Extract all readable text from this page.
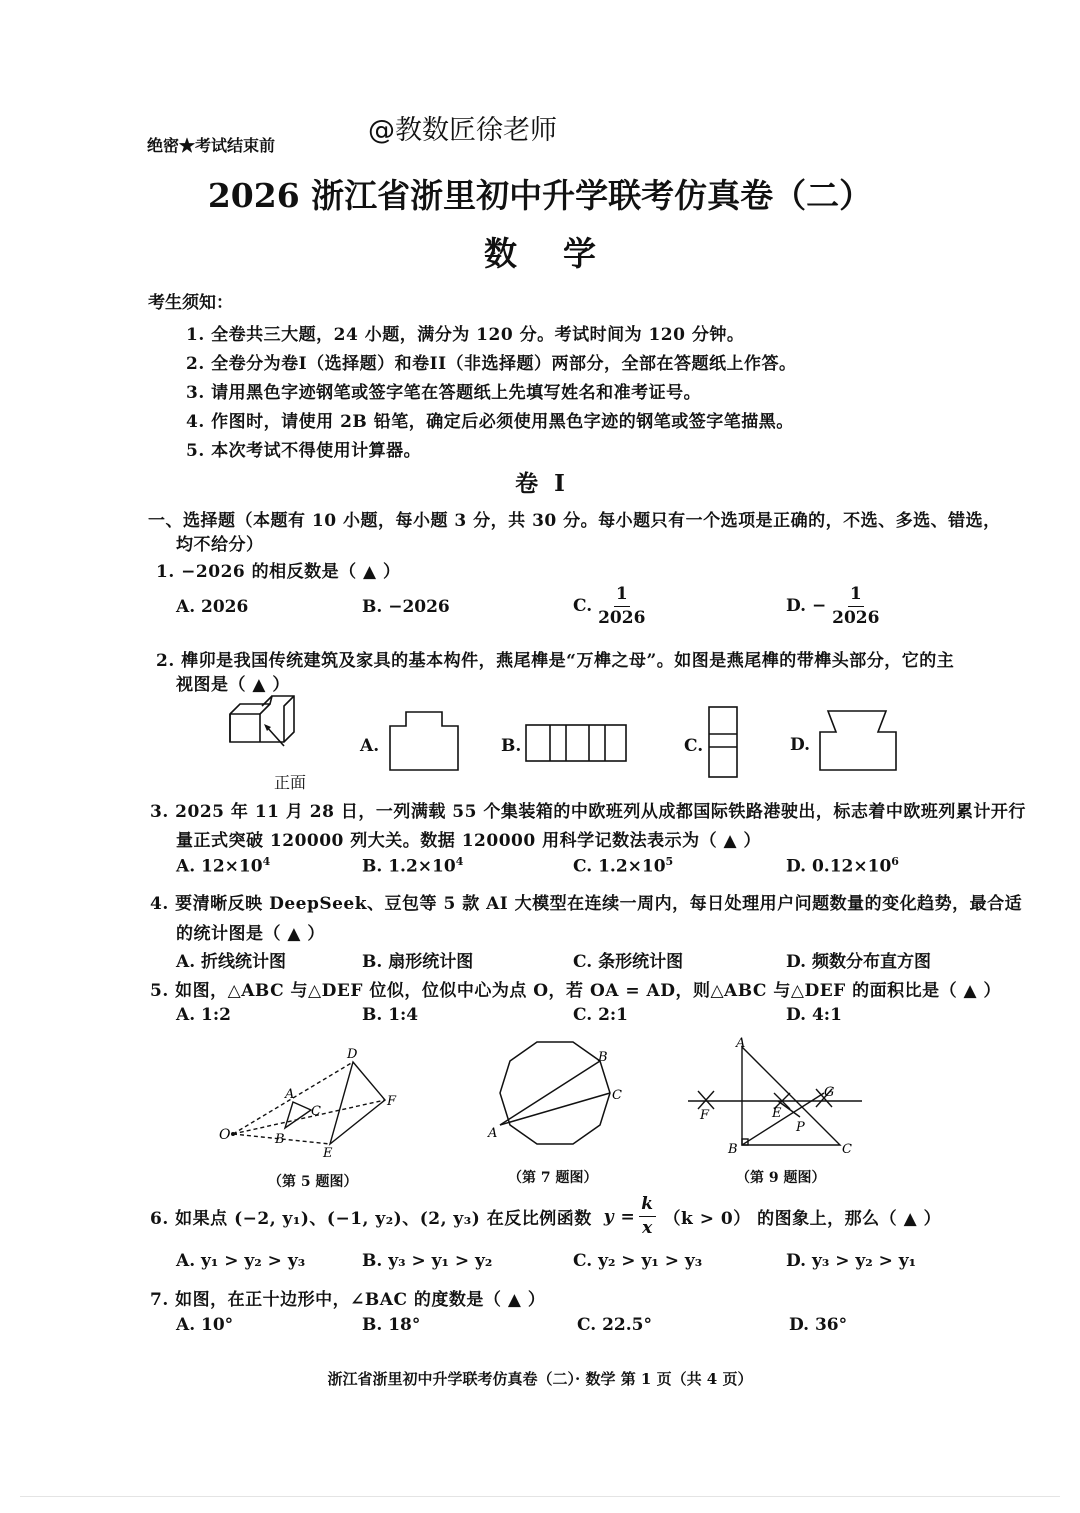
绝密★考试结束前	@教数匠徐老师
2026 浙江省浙里初中升学联考仿真卷（二）
数    学
考生须知：
1. 全卷共三大题，24 小题，满分为 120 分。考试时间为 120 分钟。
2. 全卷分为卷I（选择题）和卷II（非选择题）两部分，全部在答题纸上作答。
3. 请用黑色字迹钢笔或签字笔在答题纸上先填写姓名和准考证号。
4. 作图时，请使用 2B 铅笔，确定后必须使用黑色字迹的钢笔或签字笔描黑。
5. 本次考试不得使用计算器。
卷  I
一、选择题（本题有 10 小题，每小题 3 分，共 30 分。每小题只有一个选项是正确的，不选、多选、错选，
均不给分）
1. −2026 的相反数是（ ▲ ）
A. 2026	B. −2026	C. $\frac{1}{2026}$	D. − $\frac{1}{2026}$
2. 榫卯是我国传统建筑及家具的基本构件，燕尾榫是“万榫之母”。如图是燕尾榫的带榫头部分，它的主
视图是（ ▲ ）
正面
A.	B.	C.	D.
3. 2025 年 11 月 28 日，一列满载 55 个集装箱的中欧班列从成都国际铁路港驶出，标志着中欧班列累计开行
量正式突破 120000 列大关。数据 120000 用科学记数法表示为（ ▲ ）
A. $12\times 10^4$	B. $1.2\times 10^4$	C. $1.2\times 10^5$	D. $0.12\times 10^6$
4. 要清晰反映 DeepSeek、豆包等 5 款 AI 大模型在连续一周内，每日处理用户问题数量的变化趋势，最合适
的统计图是（ ▲ ）
A. 折线统计图	B. 扇形统计图	C. 条形统计图	D. 频数分布直方图
5. 如图，△ABC 与△DEF 位似，位似中心为点 O，若 OA = AD，则△ABC 与△DEF 的面积比是（ ▲ ）
A. 1:2	B. 1:4	C. 2:1	D. 4:1
O
A
C
B
D
F
E
（第 5 题图）
A
B
C
（第 7 题图）
A
B	C
F	E
G
P
（第 9 题图）
6. 如果点 (−2, y₁)、(−1, y₂)、(2, y₃) 在反比例函数 $y = \frac{k}{x} (k > 0)$ 的图象上，那么（ ▲ ）
A. y₁ > y₂ > y₃	B. y₃ > y₁ > y₂	C. y₂ > y₁ > y₃	D. y₃ > y₂ > y₁
7. 如图，在正十边形中，∠BAC 的度数是（ ▲ ）
A. 10°	B. 18°	C. 22.5°	D. 36°
浙江省浙里初中升学联考仿真卷（二）· 数学 第 1 页（共 4 页）
